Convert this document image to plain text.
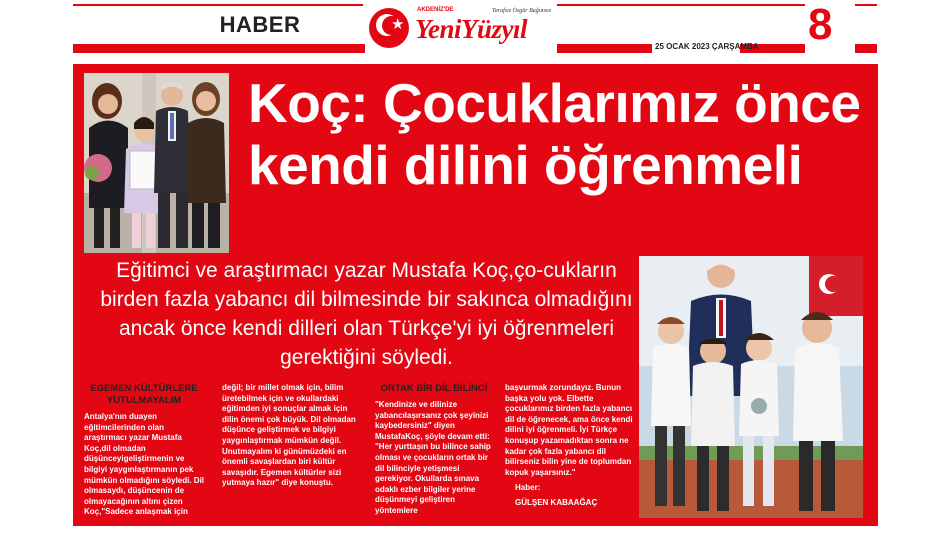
HABER	★
AKDENİZ'DE
YeniYüzyıl
Tarafsız Özgür Bağımsız
25 OCAK 2023 ÇARŞAMBA 8
Koç: Çocuklarımız önce
kendi dilini öğrenmeli
Eğitimci ve araştırmacı yazar Mustafa Koç,ço-cukların birden fazla yabancı dil bilmesinde bir sakınca olmadığını ancak önce kendi dilleri olan Türkçe'yi iyi öğrenmeleri gerektiğini söyledi.
EGEMEN KÜLTÜRLERE YUTULMAYALIM
Antalya'nın duayen eğitimcilerinden olan araştırmacı yazar Mustafa Koç,dil olmadan düşünceyigeliştirmenin ve bilgiyi yaygınlaştırmanın pek mümkün olmadığını söyledi. Dil olmasaydı, düşüncenin de olmayacağının altını çizen Koç,"Sadece anlaşmak için
değil; bir millet olmak için, bilim üretebilmek için ve okullardaki eğitimden iyi sonuçlar almak için dilin önemi çok büyük. Dil olmadan düşünce geliştirmek ve bilgiyi yaygınlaştırmak mümkün değil. Unutmayalım ki günümüzdeki en önemli savaşlardan biri kültür savaşıdır. Egemen kültürler sizi yutmaya hazır" diye konuştu.
ORTAK BİR DİL BİLİNCİ
"Kendinize ve dilinize yabancılaşırsanız çok şeyinizi kaybedersiniz" diyen MustafaKoç, şöyle devam etti: "Her yurttaşın bu bilince sahip olması ve çocukların ortak bir dil bilinciyle yetişmesi gerekiyor. Okullarda sınava odaklı ezber bilgiler yerine düşünmeyi geliştiren yöntemlere
başvurmak zorundayız. Bunun başka yolu yok. Elbette çocuklarımız birden fazla yabancı dil de öğrenecek, ama önce kendi dilini iyi öğrenmeli. İyi Türkçe konuşup yazamadıktan sonra ne kadar çok fazla yabancı dil bilirseniz bilin yine de toplumdan kopuk yaşarsınız."
Haber:
GÜLŞEN KABAAĞAÇ
